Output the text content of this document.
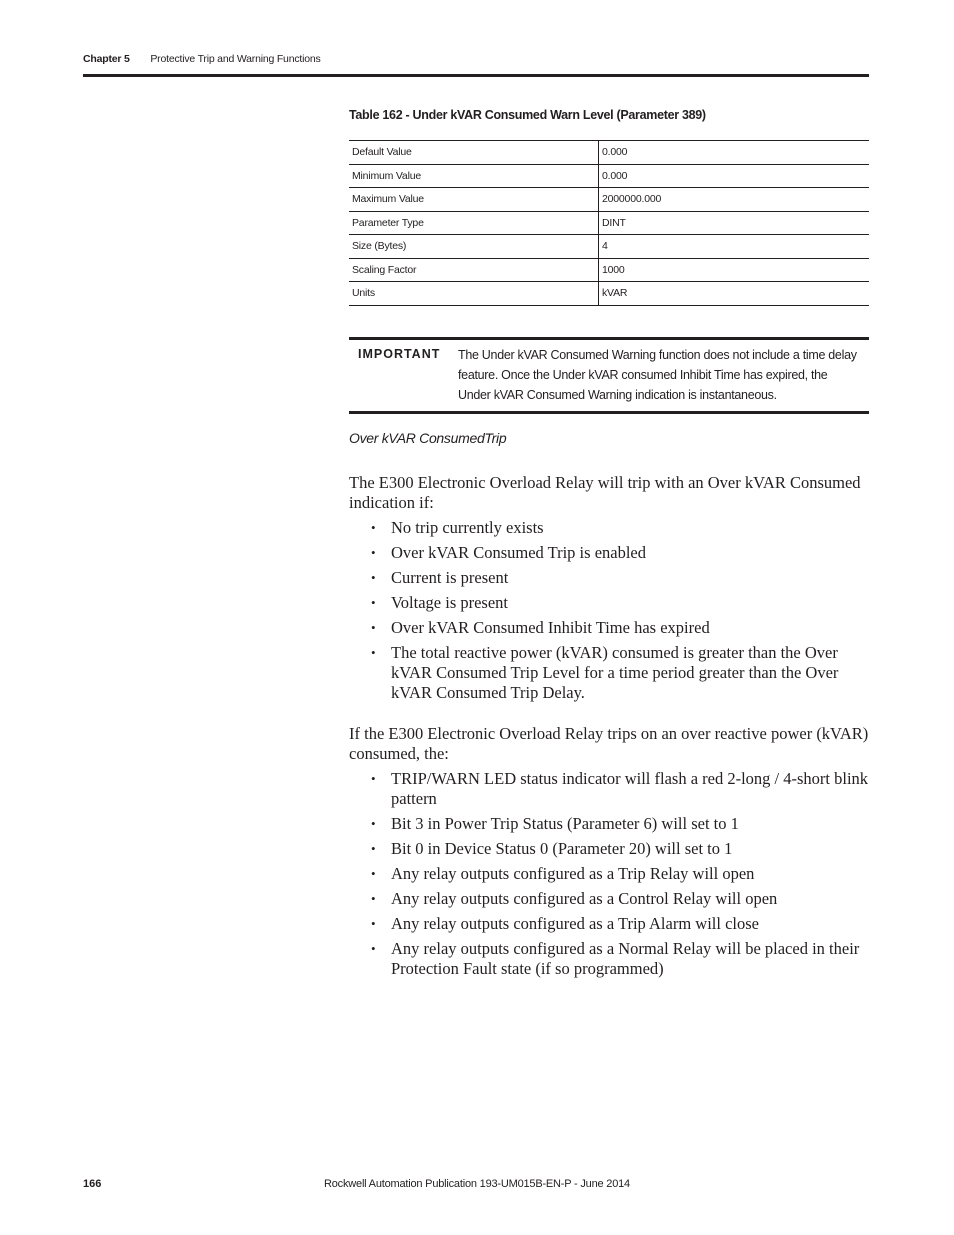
Chapter 5 Protective Trip and Warning Functions
Table 162 - Under kVAR Consumed Warn Level (Parameter 389)
Default Value	0.000
Minimum Value	0.000
Maximum Value	2000000.000
Parameter Type	DINT
Size (Bytes)	4
Scaling Factor	1000
Units	kVAR
IMPORTANT The Under kVAR Consumed Warning function does not include a time delay feature. Once the Under kVAR consumed Inhibit Time has expired, the Under kVAR Consumed Warning indication is instantaneous.
Over kVAR ConsumedTrip

The E300 Electronic Overload Relay will trip with an Over kVAR Consumed indication if:

• No trip currently exists
• Over kVAR Consumed Trip is enabled
• Current is present
• Voltage is present
• Over kVAR Consumed Inhibit Time has expired
• The total reactive power (kVAR) consumed is greater than the Over kVAR Consumed Trip Level for a time period greater than the Over kVAR Consumed Trip Delay.

If the E300 Electronic Overload Relay trips on an over reactive power (kVAR) consumed, the:

• TRIP/WARN LED status indicator will flash a red 2-long / 4-short blink pattern
• Bit 3 in Power Trip Status (Parameter 6) will set to 1
• Bit 0 in Device Status 0 (Parameter 20) will set to 1
• Any relay outputs configured as a Trip Relay will open
• Any relay outputs configured as a Control Relay will open
• Any relay outputs configured as a Trip Alarm will close
• Any relay outputs configured as a Normal Relay will be placed in their Protection Fault state (if so programmed)
166	Rockwell Automation Publication 193-UM015B-EN-P - June 2014
